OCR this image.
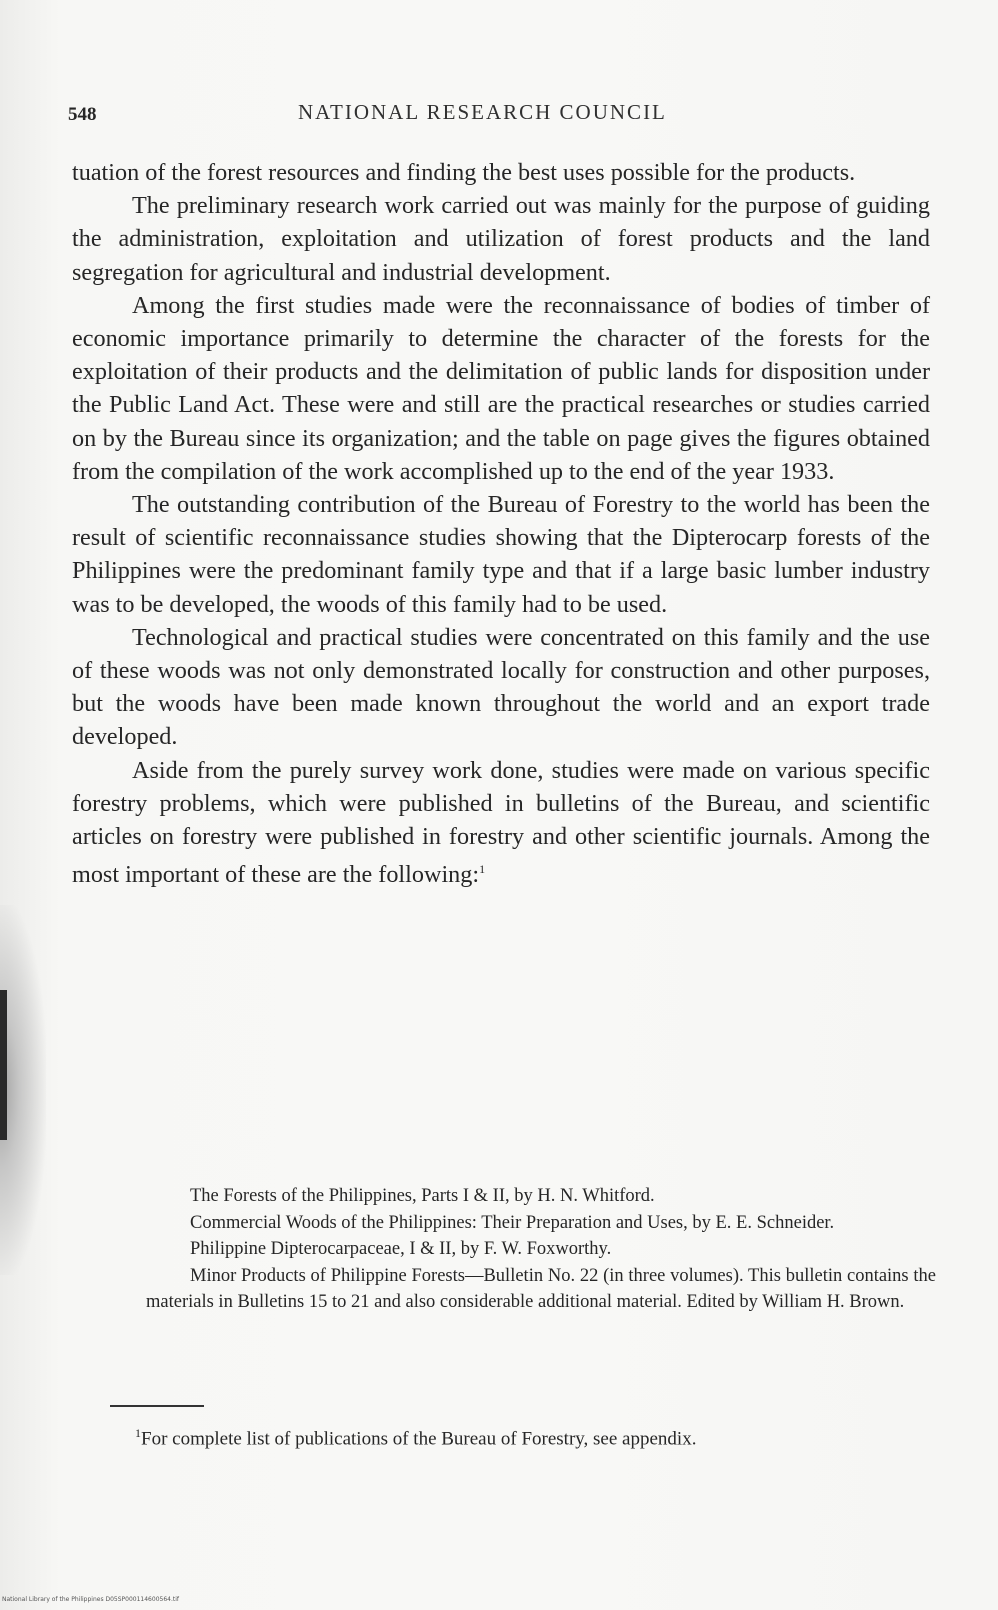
548	NATIONAL RESEARCH COUNCIL

tuation of the forest resources and finding the best uses possible for the products.

The preliminary research work carried out was mainly for the purpose of guiding the administration, exploitation and utilization of forest products and the land segregation for agricultural and industrial development.

Among the first studies made were the reconnaissance of bodies of timber of economic importance primarily to determine the character of the forests for the exploitation of their products and the delimitation of public lands for disposition under the Public Land Act. These were and still are the practical researches or studies carried on by the Bureau since its organization; and the table on page gives the figures obtained from the compilation of the work accomplished up to the end of the year 1933.

The outstanding contribution of the Bureau of Forestry to the world has been the result of scientific reconnaissance studies showing that the Dipterocarp forests of the Philippines were the predominant family type and that if a large basic lumber industry was to be developed, the woods of this family had to be used.

Technological and practical studies were concentrated on this family and the use of these woods was not only demonstrated locally for construction and other purposes, but the woods have been made known throughout the world and an export trade developed.

Aside from the purely survey work done, studies were made on various specific forestry problems, which were published in bulletins of the Bureau, and scientific articles on forestry were published in forestry and other scientific journals. Among the most important of these are the following:$^1$

The Forests of the Philippines, Parts I & II, by H. N. Whitford.

Commercial Woods of the Philippines: Their Preparation and Uses, by E. E. Schneider.

Philippine Dipterocarpaceae, I & II, by F. W. Foxworthy.

Minor Products of Philippine Forests—Bulletin No. 22 (in three volumes). This bulletin contains the materials in Bulletins 15 to 21 and also considerable additional material. Edited by William H. Brown.

$^1$For complete list of publications of the Bureau of Forestry, see appendix.
National Library of the Philippines D05SP000114600564.tif
